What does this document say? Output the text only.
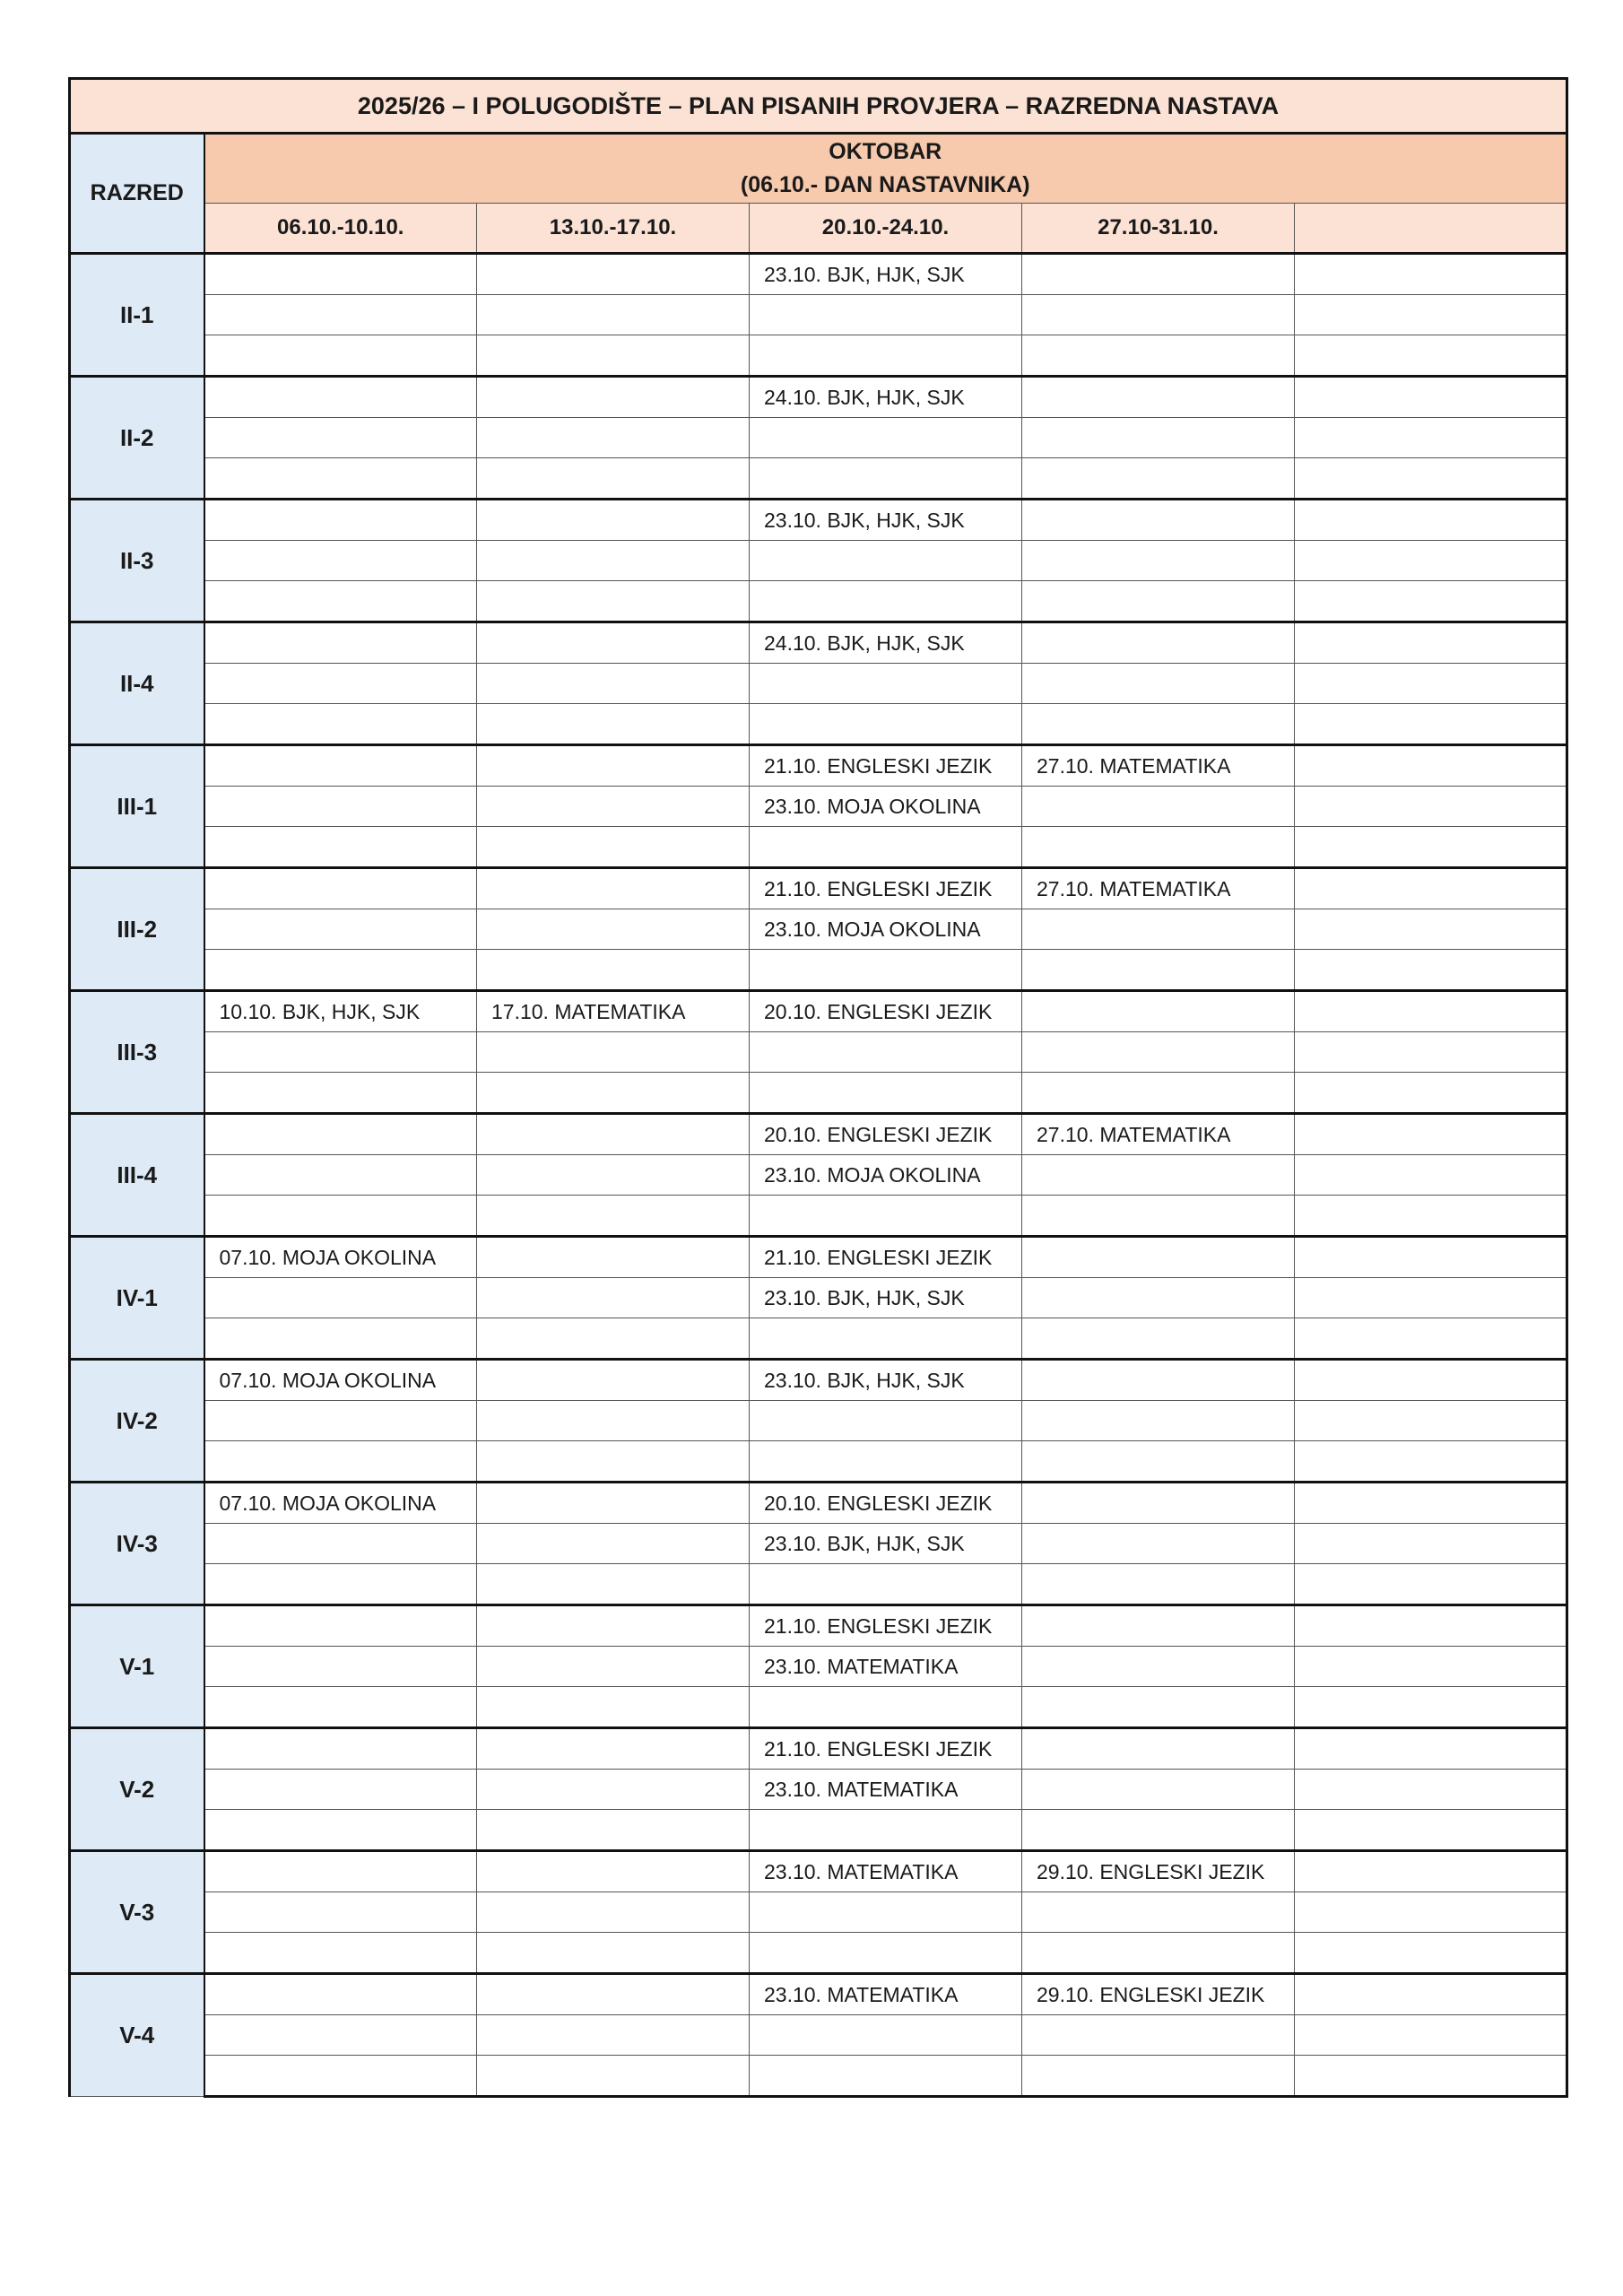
2025/26 – I POLUGODIŠTE – PLAN PISANIH PROVJERA – RAZREDNA NASTAVA					
RAZRED	OKTOBAR
(06.10.- DAN NASTAVNIKA)				

	06.10.-10.10.	13.10.-17.10.	20.10.-24.10.	27.10-31.10.	
II-1			23.10. BJK, HJK, SJK		

II-2			24.10. BJK, HJK, SJK		

II-3			23.10. BJK, HJK, SJK		

II-4			24.10. BJK, HJK, SJK		

III-1			21.10. ENGLESKI JEZIK	27.10. MATEMATIKA	
			23.10. MOJA OKOLINA		

III-2			21.10. ENGLESKI JEZIK	27.10. MATEMATIKA	
			23.10. MOJA OKOLINA		

III-3	10.10. BJK, HJK, SJK	17.10. MATEMATIKA	20.10. ENGLESKI JEZIK		

III-4			20.10. ENGLESKI JEZIK	27.10. MATEMATIKA	
			23.10. MOJA OKOLINA		

IV-1	07.10. MOJA OKOLINA		21.10. ENGLESKI JEZIK		
			23.10. BJK, HJK, SJK		

IV-2	07.10. MOJA OKOLINA		23.10. BJK, HJK, SJK		

IV-3	07.10. MOJA OKOLINA		20.10. ENGLESKI JEZIK		
			23.10. BJK, HJK, SJK		

V-1			21.10. ENGLESKI JEZIK		
			23.10. MATEMATIKA		

V-2			21.10. ENGLESKI JEZIK		
			23.10. MATEMATIKA		

V-3			23.10. MATEMATIKA	29.10. ENGLESKI JEZIK	

V-4			23.10. MATEMATIKA	29.10. ENGLESKI JEZIK	
